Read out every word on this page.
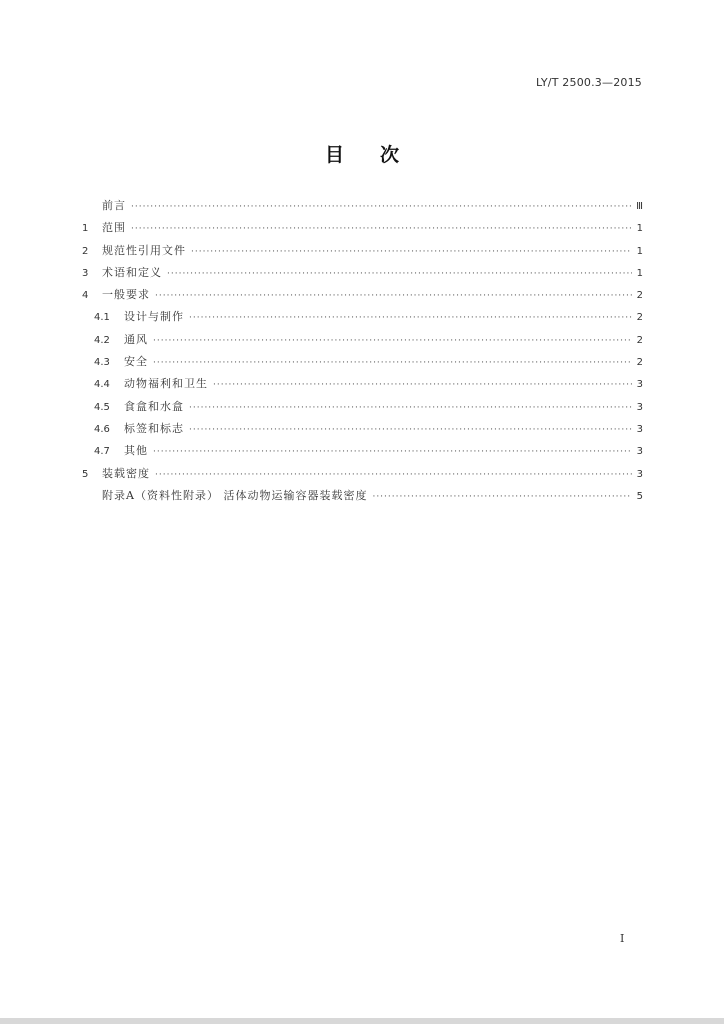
LY/T 2500.3—2015
目次
前言 ·····	Ⅲ
1	范围 ·····	1
2	规范性引用文件 ·····	1
3	术语和定义 ·····	1
4	一般要求 ·····	2
4.1	设计与制作 ·····	2
4.2	通风 ·····	2
4.3	安全 ·····	2
4.4	动物福利和卫生 ·····	3
4.5	食盒和水盒 ·····	3
4.6	标签和标志 ·····	3
4.7	其他 ·····	3
5	装载密度 ·····	3
附录A（资料性附录） 活体动物运输容器装载密度 ·····	5
I
